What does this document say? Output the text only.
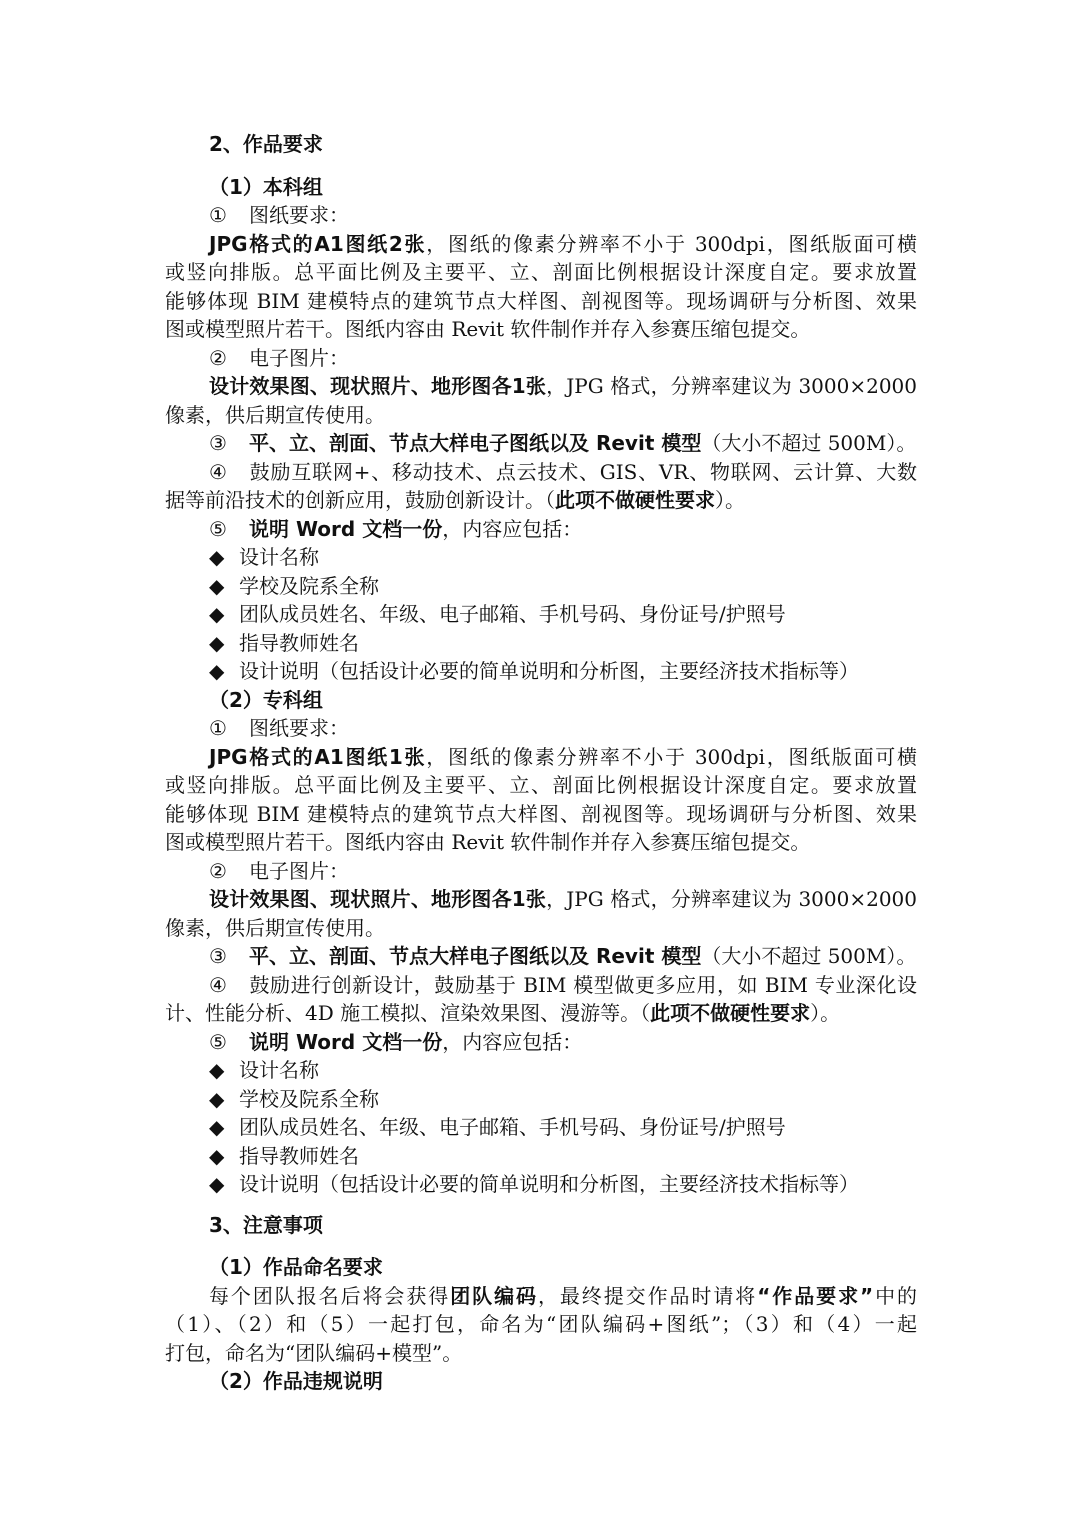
2、作品要求
（1）本科组

① 图纸要求：

JPG格式的A1图纸2张，图纸的像素分辨率不小于 300dpi，图纸版面可横

或竖向排版。总平面比例及主要平、立、剖面比例根据设计深度自定。要求放置

能够体现 BIM 建模特点的建筑节点大样图、剖视图等。现场调研与分析图、效果

图或模型照片若干。图纸内容由 Revit 软件制作并存入参赛压缩包提交。

② 电子图片：

设计效果图、现状照片、地形图各1张，JPG 格式，分辨率建议为 3000×2000

像素，供后期宣传使用。

③ 平、立、剖面、节点大样电子图纸以及 Revit 模型（大小不超过 500M）。

④ 鼓励互联网+、移动技术、点云技术、GIS、VR、物联网、云计算、大数

据等前沿技术的创新应用，鼓励创新设计。（此项不做硬性要求）。

⑤ 说明 Word 文档一份，内容应包括：

◆ 设计名称

◆ 学校及院系全称

◆ 团队成员姓名、年级、电子邮箱、手机号码、身份证号/护照号

◆ 指导教师姓名

◆ 设计说明（包括设计必要的简单说明和分析图，主要经济技术指标等）

（2）专科组

① 图纸要求：

JPG格式的A1图纸1张，图纸的像素分辨率不小于 300dpi，图纸版面可横

或竖向排版。总平面比例及主要平、立、剖面比例根据设计深度自定。要求放置

能够体现 BIM 建模特点的建筑节点大样图、剖视图等。现场调研与分析图、效果

图或模型照片若干。图纸内容由 Revit 软件制作并存入参赛压缩包提交。

② 电子图片：

设计效果图、现状照片、地形图各1张，JPG 格式，分辨率建议为 3000×2000

像素，供后期宣传使用。

③ 平、立、剖面、节点大样电子图纸以及 Revit 模型（大小不超过 500M）。

④ 鼓励进行创新设计，鼓励基于 BIM 模型做更多应用，如 BIM 专业深化设

计、性能分析、4D 施工模拟、渲染效果图、漫游等。（此项不做硬性要求）。

⑤ 说明 Word 文档一份，内容应包括：

◆ 设计名称

◆ 学校及院系全称

◆ 团队成员姓名、年级、电子邮箱、手机号码、身份证号/护照号

◆ 指导教师姓名

◆ 设计说明（包括设计必要的简单说明和分析图，主要经济技术指标等）

3、注意事项
（1）作品命名要求

每个团队报名后将会获得团队编码，最终提交作品时请将“作品要求”中的

（1）、（2）和（5）一起打包，命名为“团队编码+图纸”；（3）和（4）一起

打包，命名为“团队编码+模型”。

（2）作品违规说明
